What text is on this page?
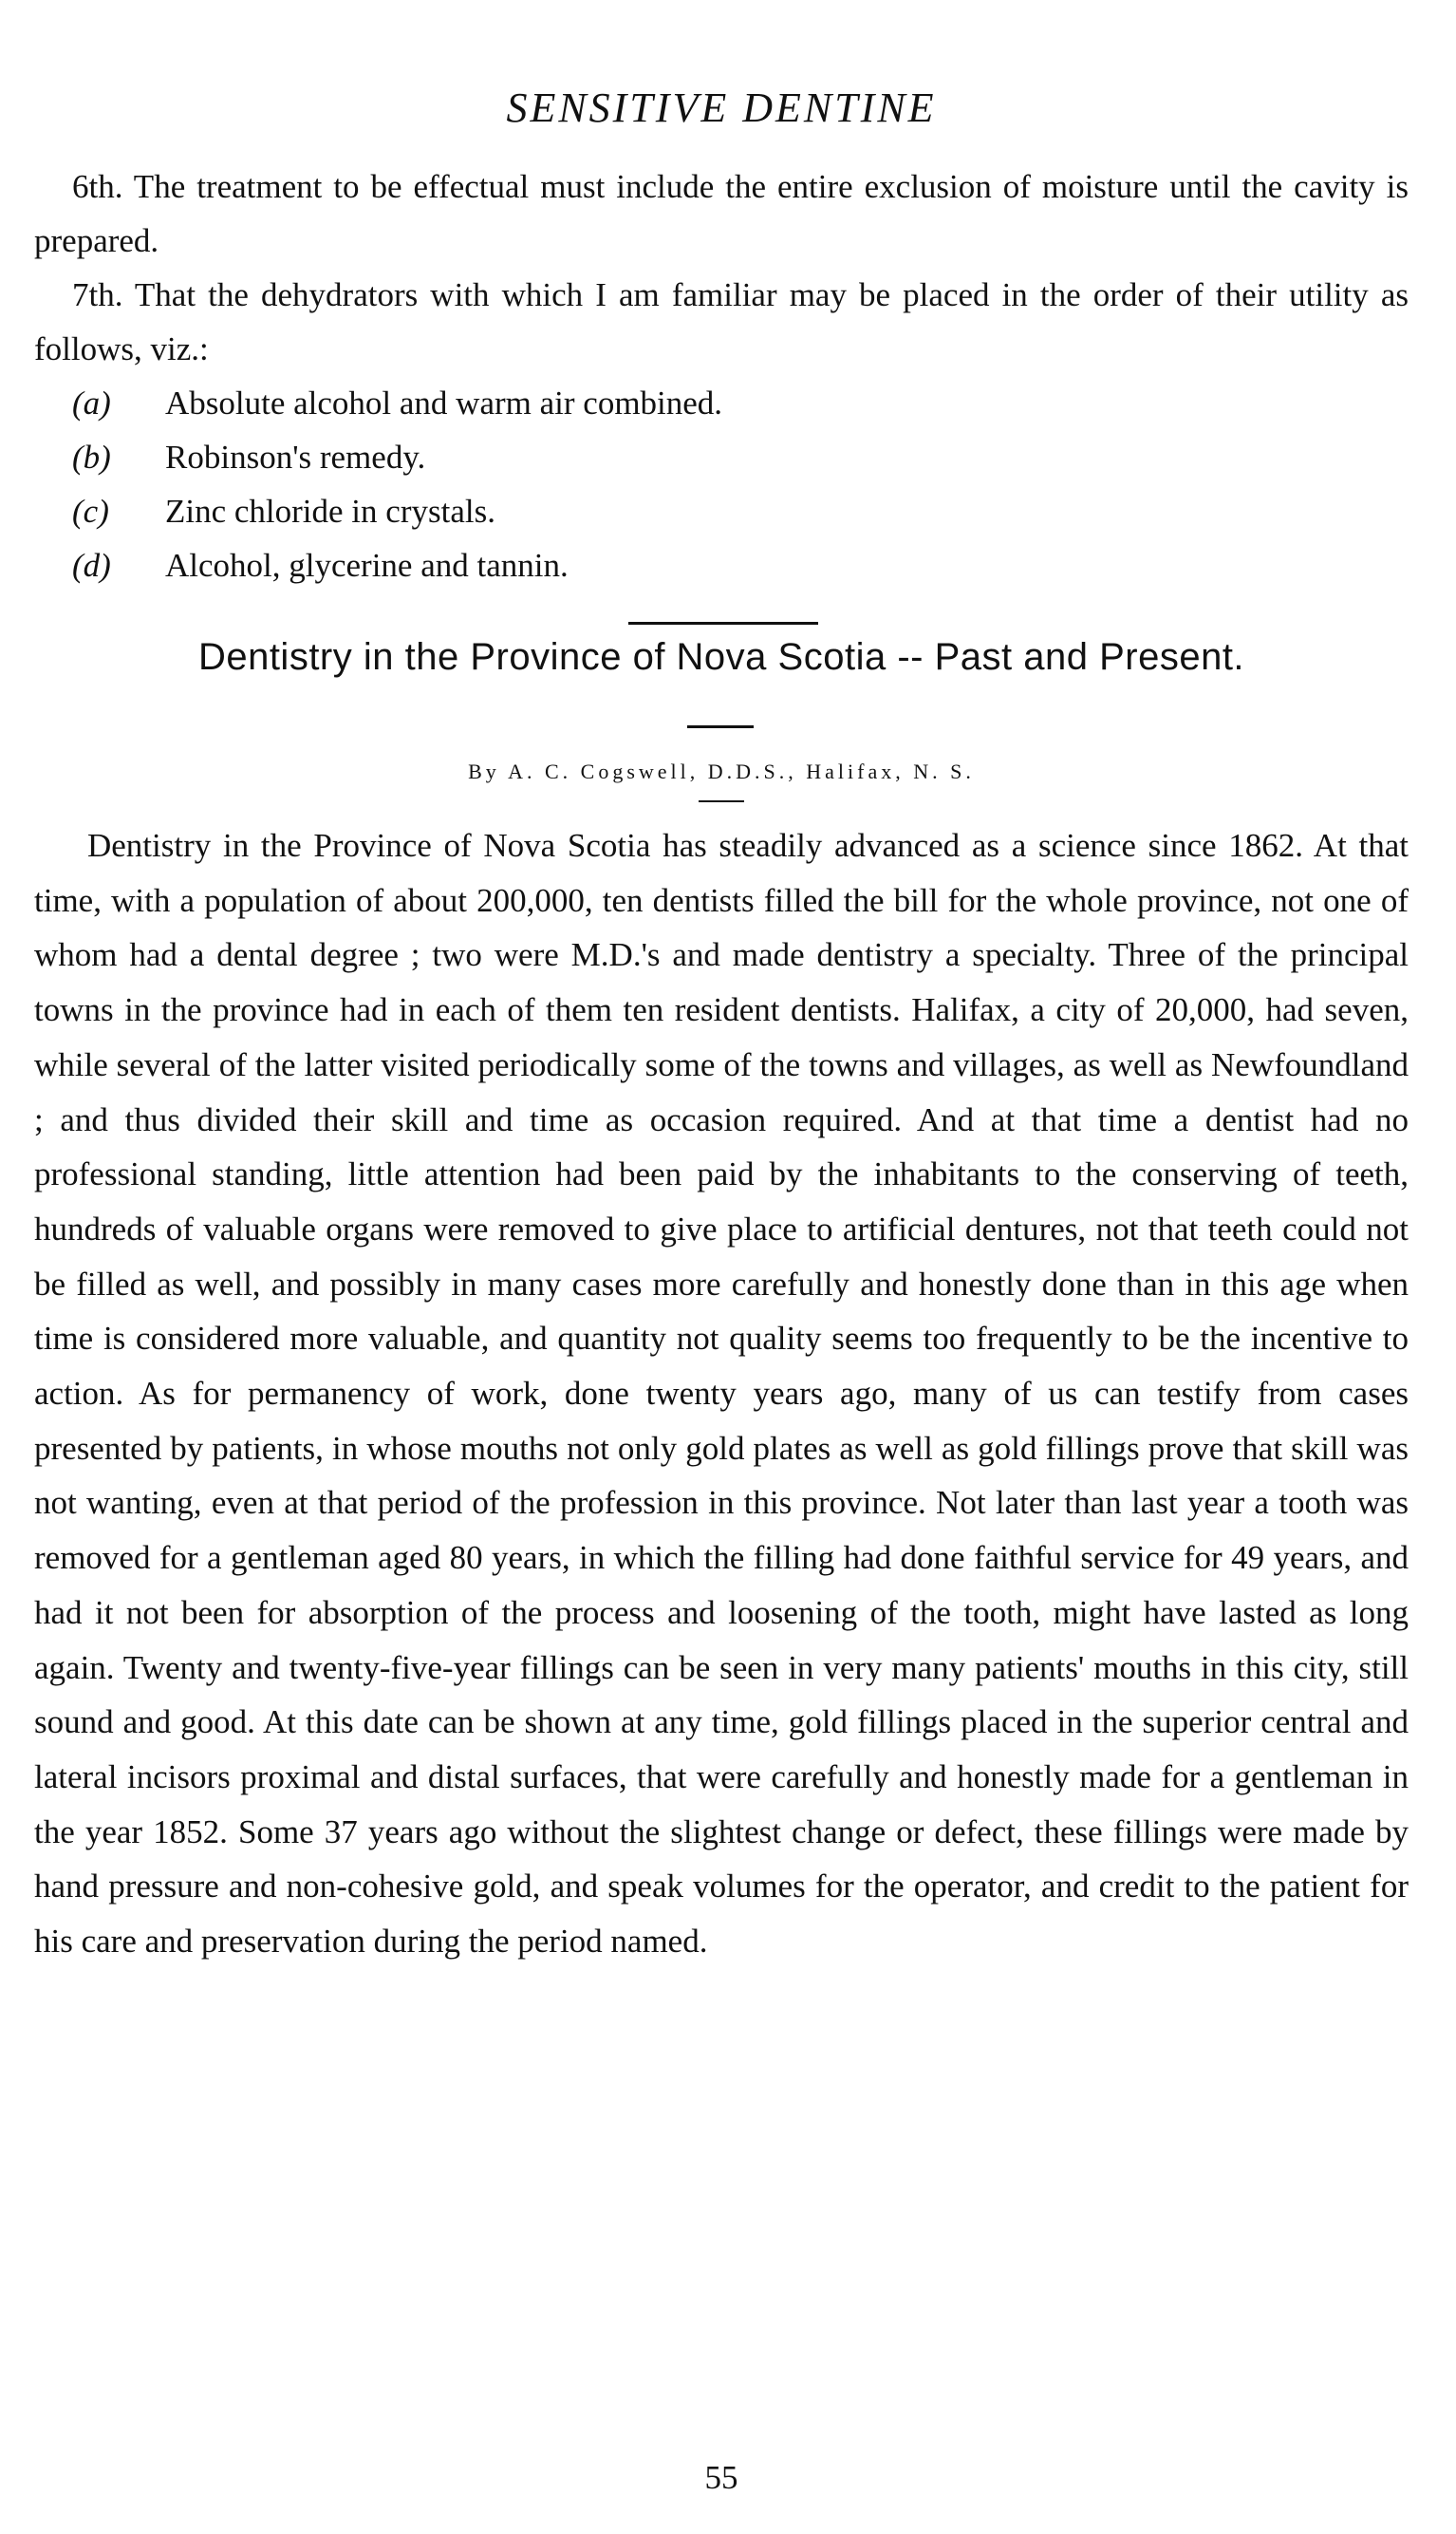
SENSITIVE DENTINE

6th. The treatment to be effectual must include the entire exclusion of moisture until the cavity is prepared.

7th. That the dehydrators with which I am familiar may be placed in the order of their utility as follows, viz.:

(a) Absolute alcohol and warm air combined.
(b) Robinson's remedy.
(c) Zinc chloride in crystals.
(d) Alcohol, glycerine and tannin.
Dentistry in the Province of Nova Scotia -- Past and Present.
By A. C. Cogswell, D.D.S., Halifax, N. S.

Dentistry in the Province of Nova Scotia has steadily advanced as a science since 1862. At that time, with a population of about 200,000, ten dentists filled the bill for the whole province, not one of whom had a dental degree ; two were M.D.'s and made dentistry a specialty. Three of the principal towns in the province had in each of them ten resident dentists. Halifax, a city of 20,000, had seven, while several of the latter visited periodically some of the towns and villages, as well as Newfoundland ; and thus divided their skill and time as occasion required. And at that time a dentist had no professional standing, little attention had been paid by the inhabitants to the conserving of teeth, hundreds of valuable organs were removed to give place to artificial dentures, not that teeth could not be filled as well, and possibly in many cases more carefully and honestly done than in this age when time is considered more valuable, and quantity not quality seems too frequently to be the incentive to action. As for permanency of work, done twenty years ago, many of us can testify from cases presented by patients, in whose mouths not only gold plates as well as gold fillings prove that skill was not wanting, even at that period of the profession in this province. Not later than last year a tooth was removed for a gentleman aged 80 years, in which the filling had done faithful service for 49 years, and had it not been for absorption of the process and loosening of the tooth, might have lasted as long again. Twenty and twenty-five-year fillings can be seen in very many patients' mouths in this city, still sound and good. At this date can be shown at any time, gold fillings placed in the superior central and lateral incisors proximal and distal surfaces, that were carefully and honestly made for a gentleman in the year 1852. Some 37 years ago without the slightest change or defect, these fillings were made by hand pressure and non-cohesive gold, and speak volumes for the operator, and credit to the patient for his care and preservation during the period named.

55
